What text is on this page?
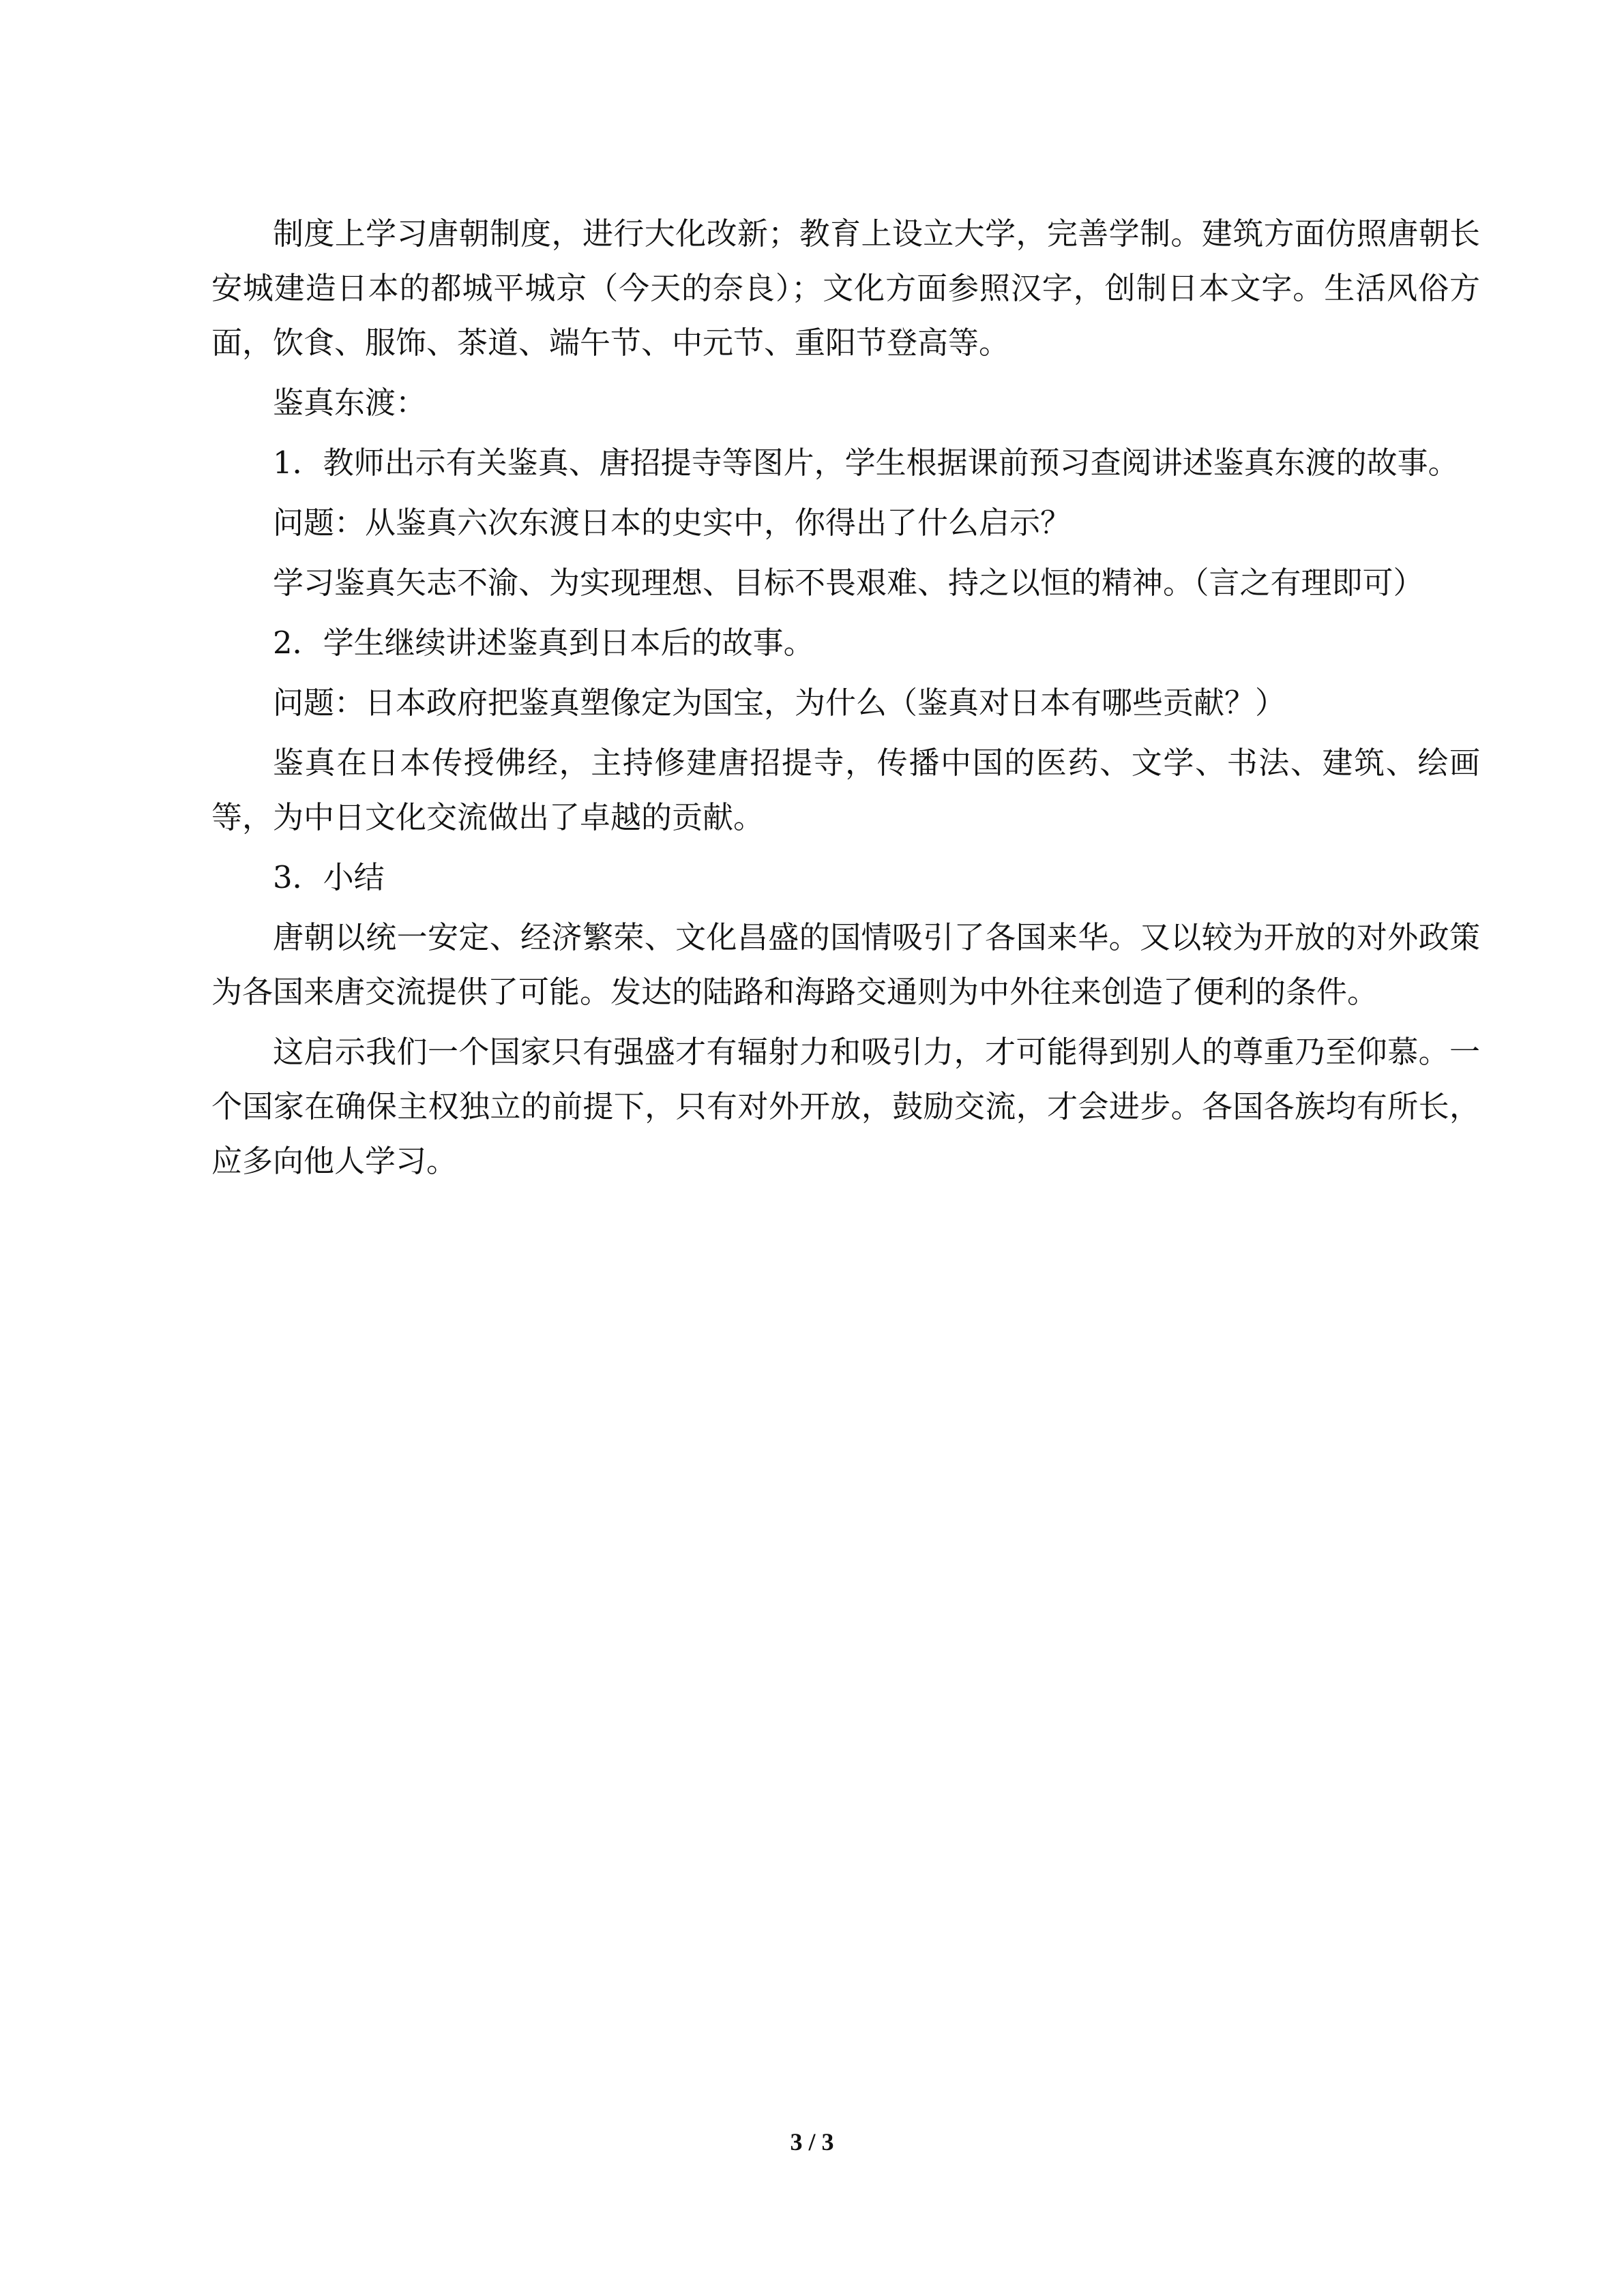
制度上学习唐朝制度，进行大化改新；教育上设立大学，完善学制。建筑方面仿照唐朝长安城建造日本的都城平城京（今天的奈良）；文化方面参照汉字，创制日本文字。生活风俗方面，饮食、服饰、茶道、端午节、中元节、重阳节登高等。

鉴真东渡：

1．教师出示有关鉴真、唐招提寺等图片，学生根据课前预习查阅讲述鉴真东渡的故事。

问题：从鉴真六次东渡日本的史实中，你得出了什么启示？

学习鉴真矢志不渝、为实现理想、目标不畏艰难、持之以恒的精神。（言之有理即可）

2．学生继续讲述鉴真到日本后的故事。

问题：日本政府把鉴真塑像定为国宝，为什么（鉴真对日本有哪些贡献？）

鉴真在日本传授佛经，主持修建唐招提寺，传播中国的医药、文学、书法、建筑、绘画等，为中日文化交流做出了卓越的贡献。

3．小结

唐朝以统一安定、经济繁荣、文化昌盛的国情吸引了各国来华。又以较为开放的对外政策为各国来唐交流提供了可能。发达的陆路和海路交通则为中外往来创造了便利的条件。

这启示我们一个国家只有强盛才有辐射力和吸引力，才可能得到别人的尊重乃至仰慕。一个国家在确保主权独立的前提下，只有对外开放，鼓励交流，才会进步。各国各族均有所长，应多向他人学习。

3 / 3
